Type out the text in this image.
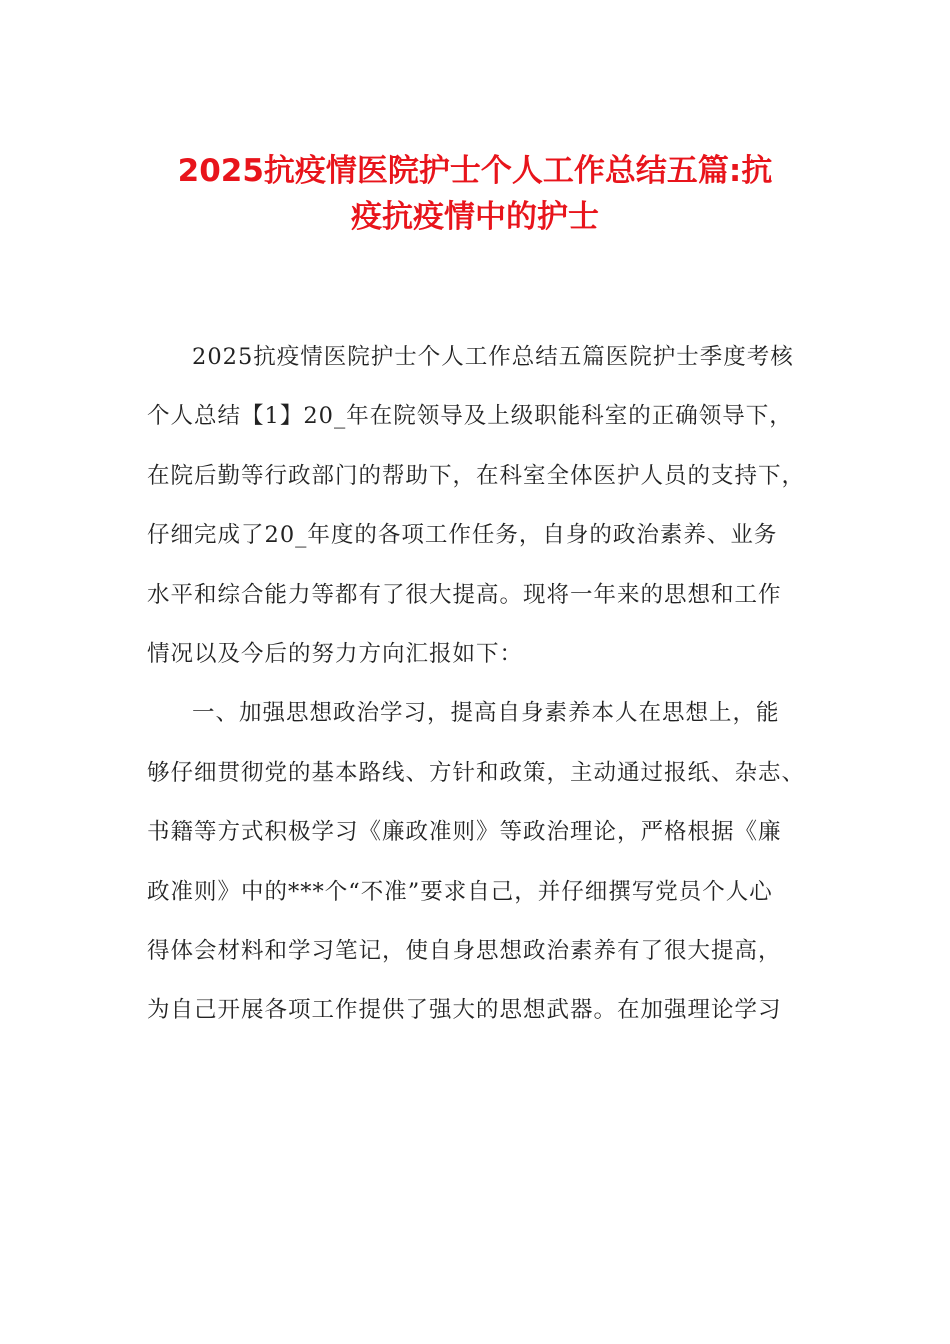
2025抗疫情医院护士个人工作总结五篇:抗
疫抗疫情中的护士
2025抗疫情医院护士个人工作总结五篇医院护士季度考核
个人总结【1】20_年在院领导及上级职能科室的正确领导下，
在院后勤等行政部门的帮助下，在科室全体医护人员的支持下，
仔细完成了20_年度的各项工作任务，自身的政治素养、业务
水平和综合能力等都有了很大提高。现将一年来的思想和工作
情况以及今后的努力方向汇报如下：
一、加强思想政治学习，提高自身素养本人在思想上，能
够仔细贯彻党的基本路线、方针和政策，主动通过报纸、杂志、
书籍等方式积极学习《廉政准则》等政治理论，严格根据《廉
政准则》中的***个“不准”要求自己，并仔细撰写党员个人心
得体会材料和学习笔记，使自身思想政治素养有了很大提高，
为自己开展各项工作提供了强大的思想武器。在加强理论学习
